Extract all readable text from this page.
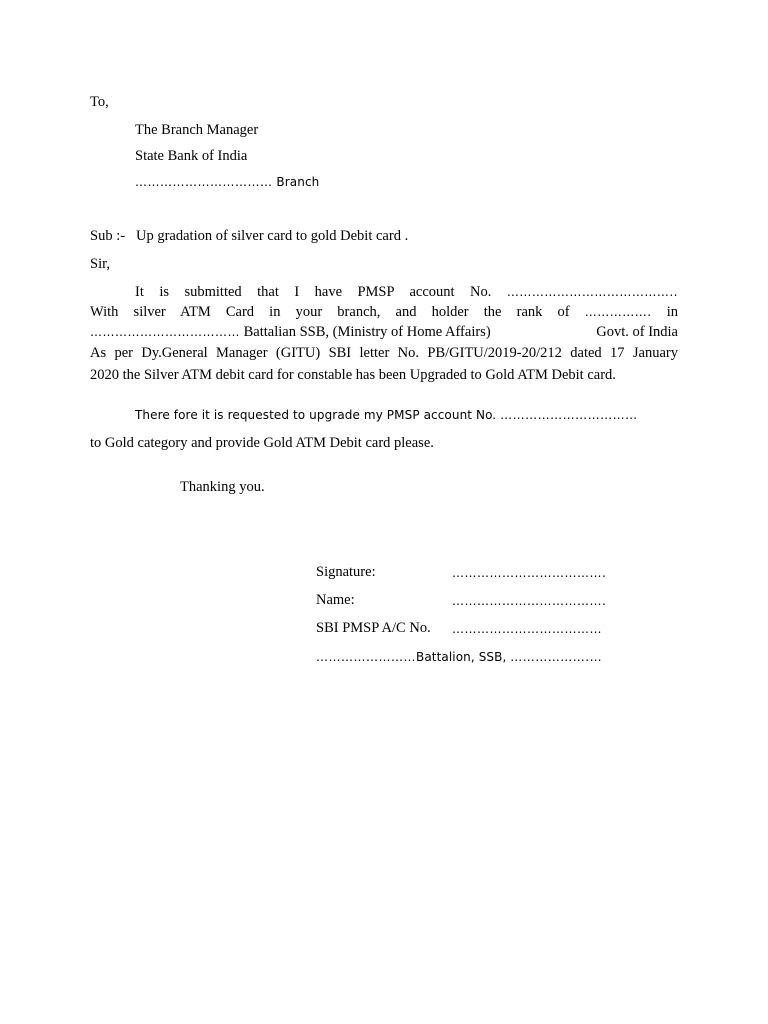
To,
The Branch Manager
State Bank of India
…………………………… Branch
Sub :- Up gradation of silver card to gold Debit card .
Sir,
It is submitted that I have PMSP account No. …………………………………..
With silver ATM Card in your branch, and holder the rank of ……………. in
……………………………… Battalian SSB, (Ministry of Home Affairs)	Govt. of India
As per Dy.General Manager (GITU) SBI letter No. PB/GITU/2019-20/212 dated 17 January
2020 the Silver ATM debit card for constable has been Upgraded to Gold ATM Debit card.
There fore it is requested to upgrade my PMSP account No. ……………………………
to Gold category and provide Gold ATM Debit card please.
Thanking you.
Signature:	……………………………….
Name:	……………………………….
SBI PMSP A/C No. ………………………………
……………………Battalion, SSB, ……………….…
